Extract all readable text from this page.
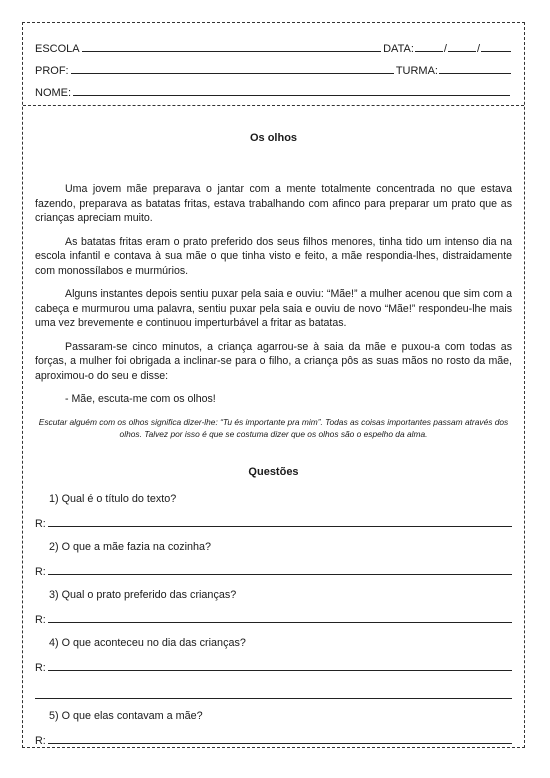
ESCOLA	DATA:	/	/
PROF:	TURMA:
NOME:
Os olhos

Uma jovem mãe preparava o jantar com a mente totalmente concentrada no que estava fazendo, preparava as batatas fritas, estava trabalhando com afinco para preparar um prato que as crianças apreciam muito.

As batatas fritas eram o prato preferido dos seus filhos menores, tinha tido um intenso dia na escola infantil e contava à sua mãe o que tinha visto e feito, a mãe respondia-lhes, distraidamente com monossílabos e murmúrios.

Alguns instantes depois sentiu puxar pela saia e ouviu: “Mãe!” a mulher acenou que sim com a cabeça e murmurou uma palavra, sentiu puxar pela saia e ouviu de novo “Mãe!” respondeu-lhe mais uma vez brevemente e continuou imperturbável a fritar as batatas.

Passaram-se cinco minutos, a criança agarrou-se à saia da mãe e puxou-a com todas as forças, a mulher foi obrigada a inclinar-se para o filho, a criança pôs as suas mãos no rosto da mãe, aproximou-o do seu e disse:

- Mãe, escuta-me com os olhos!

Escutar alguém com os olhos significa dizer-lhe: “Tu és importante pra mim”. Todas as coisas importantes passam através dos olhos. Talvez por isso é que se costuma dizer que os olhos são o espelho da alma.
Questões
1) Qual é o título do texto?
R:
2) O que a mãe fazia na cozinha?
R:
3) Qual o prato preferido das crianças?
R:
4) O que aconteceu no dia das crianças?
R:
5) O que elas contavam a mãe?
R:
